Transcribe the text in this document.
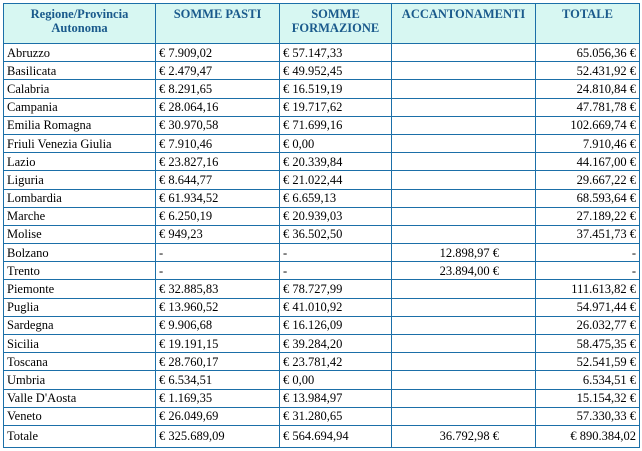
Regione/Provincia Autonoma	SOMME PASTI	SOMME FORMAZIONE	ACCANTONAMENTI	TOTALE
Abruzzo	€ 7.909,02	€ 57.147,33		65.056,36 €
Basilicata	€ 2.479,47	€ 49.952,45		52.431,92 €
Calabria	€ 8.291,65	€ 16.519,19		24.810,84 €
Campania	€ 28.064,16	€ 19.717,62		47.781,78 €
Emilia Romagna	€ 30.970,58	€ 71.699,16		102.669,74 €
Friuli Venezia Giulia	€ 7.910,46	€ 0,00		7.910,46 €
Lazio	€ 23.827,16	€ 20.339,84		44.167,00 €
Liguria	€ 8.644,77	€ 21.022,44		29.667,22 €
Lombardia	€ 61.934,52	€ 6.659,13		68.593,64 €
Marche	€ 6.250,19	€ 20.939,03		27.189,22 €
Molise	€ 949,23	€ 36.502,50		37.451,73 €
Bolzano	-	-	12.898,97 €	-
Trento	-	-	23.894,00 €	-
Piemonte	€ 32.885,83	€ 78.727,99		111.613,82 €
Puglia	€ 13.960,52	€ 41.010,92		54.971,44 €
Sardegna	€ 9.906,68	€ 16.126,09		26.032,77 €
Sicilia	€ 19.191,15	€ 39.284,20		58.475,35 €
Toscana	€ 28.760,17	€ 23.781,42		52.541,59 €
Umbria	€ 6.534,51	€ 0,00		6.534,51 €
Valle D'Aosta	€ 1.169,35	€ 13.984,97		15.154,32 €
Veneto	€ 26.049,69	€ 31.280,65		57.330,33 €
Totale	€ 325.689,09	€ 564.694,94	36.792,98 €	€ 890.384,02
